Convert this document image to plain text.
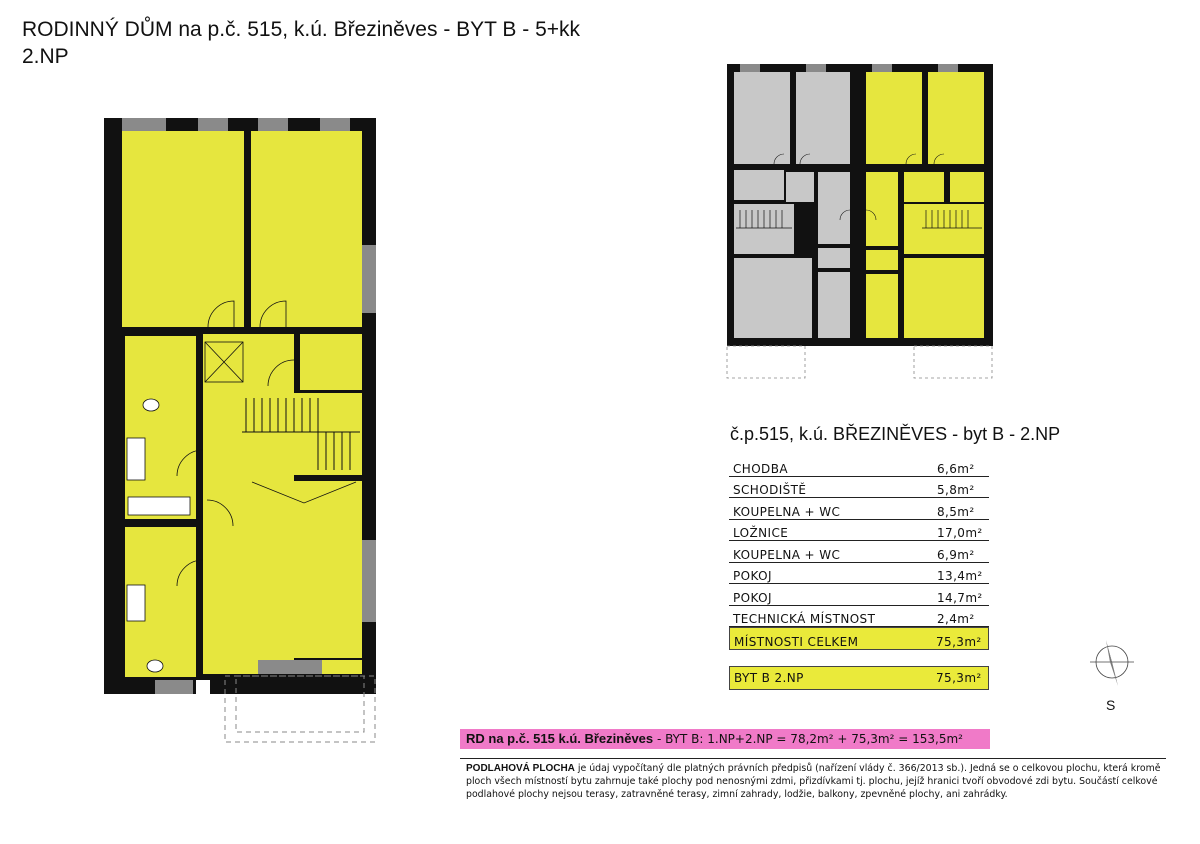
RODINNÝ DŮM na p.č. 515, k.ú. Březiněves - BYT B - 5+kk
2.NP
č.p.515, k.ú. BŘEZINĚVES - byt B - 2.NP
CHODBA	6,6m²
SCHODIŠTĚ	5,8m²
KOUPELNA + WC	8,5m²
LOŽNICE	17,0m²
KOUPELNA + WC	6,9m²
POKOJ	13,4m²
POKOJ	14,7m²
TECHNICKÁ MÍSTNOST	2,4m²
MÍSTNOSTI CELKEM	75,3m²
BYT B 2.NP	75,3m²
S
RD na p.č. 515 k.ú. Březiněves - BYT B: 1.NP+2.NP = 78,2m² + 75,3m² = 153,5m²
PODLAHOVÁ PLOCHA je údaj vypočítaný dle platných právních předpisů (nařízení vlády č. 366/2013 sb.). Jedná se o celkovou plochu, která kromě ploch všech místností bytu zahrnuje také plochy pod nenosnými zdmi, přizdívkami tj. plochu, jejíž hranici tvoří obvodové zdi bytu. Součástí celkové podlahové plochy nejsou terasy, zatravněné terasy, zimní zahrady, lodžie, balkony, zpevněné plochy, ani zahrádky.
